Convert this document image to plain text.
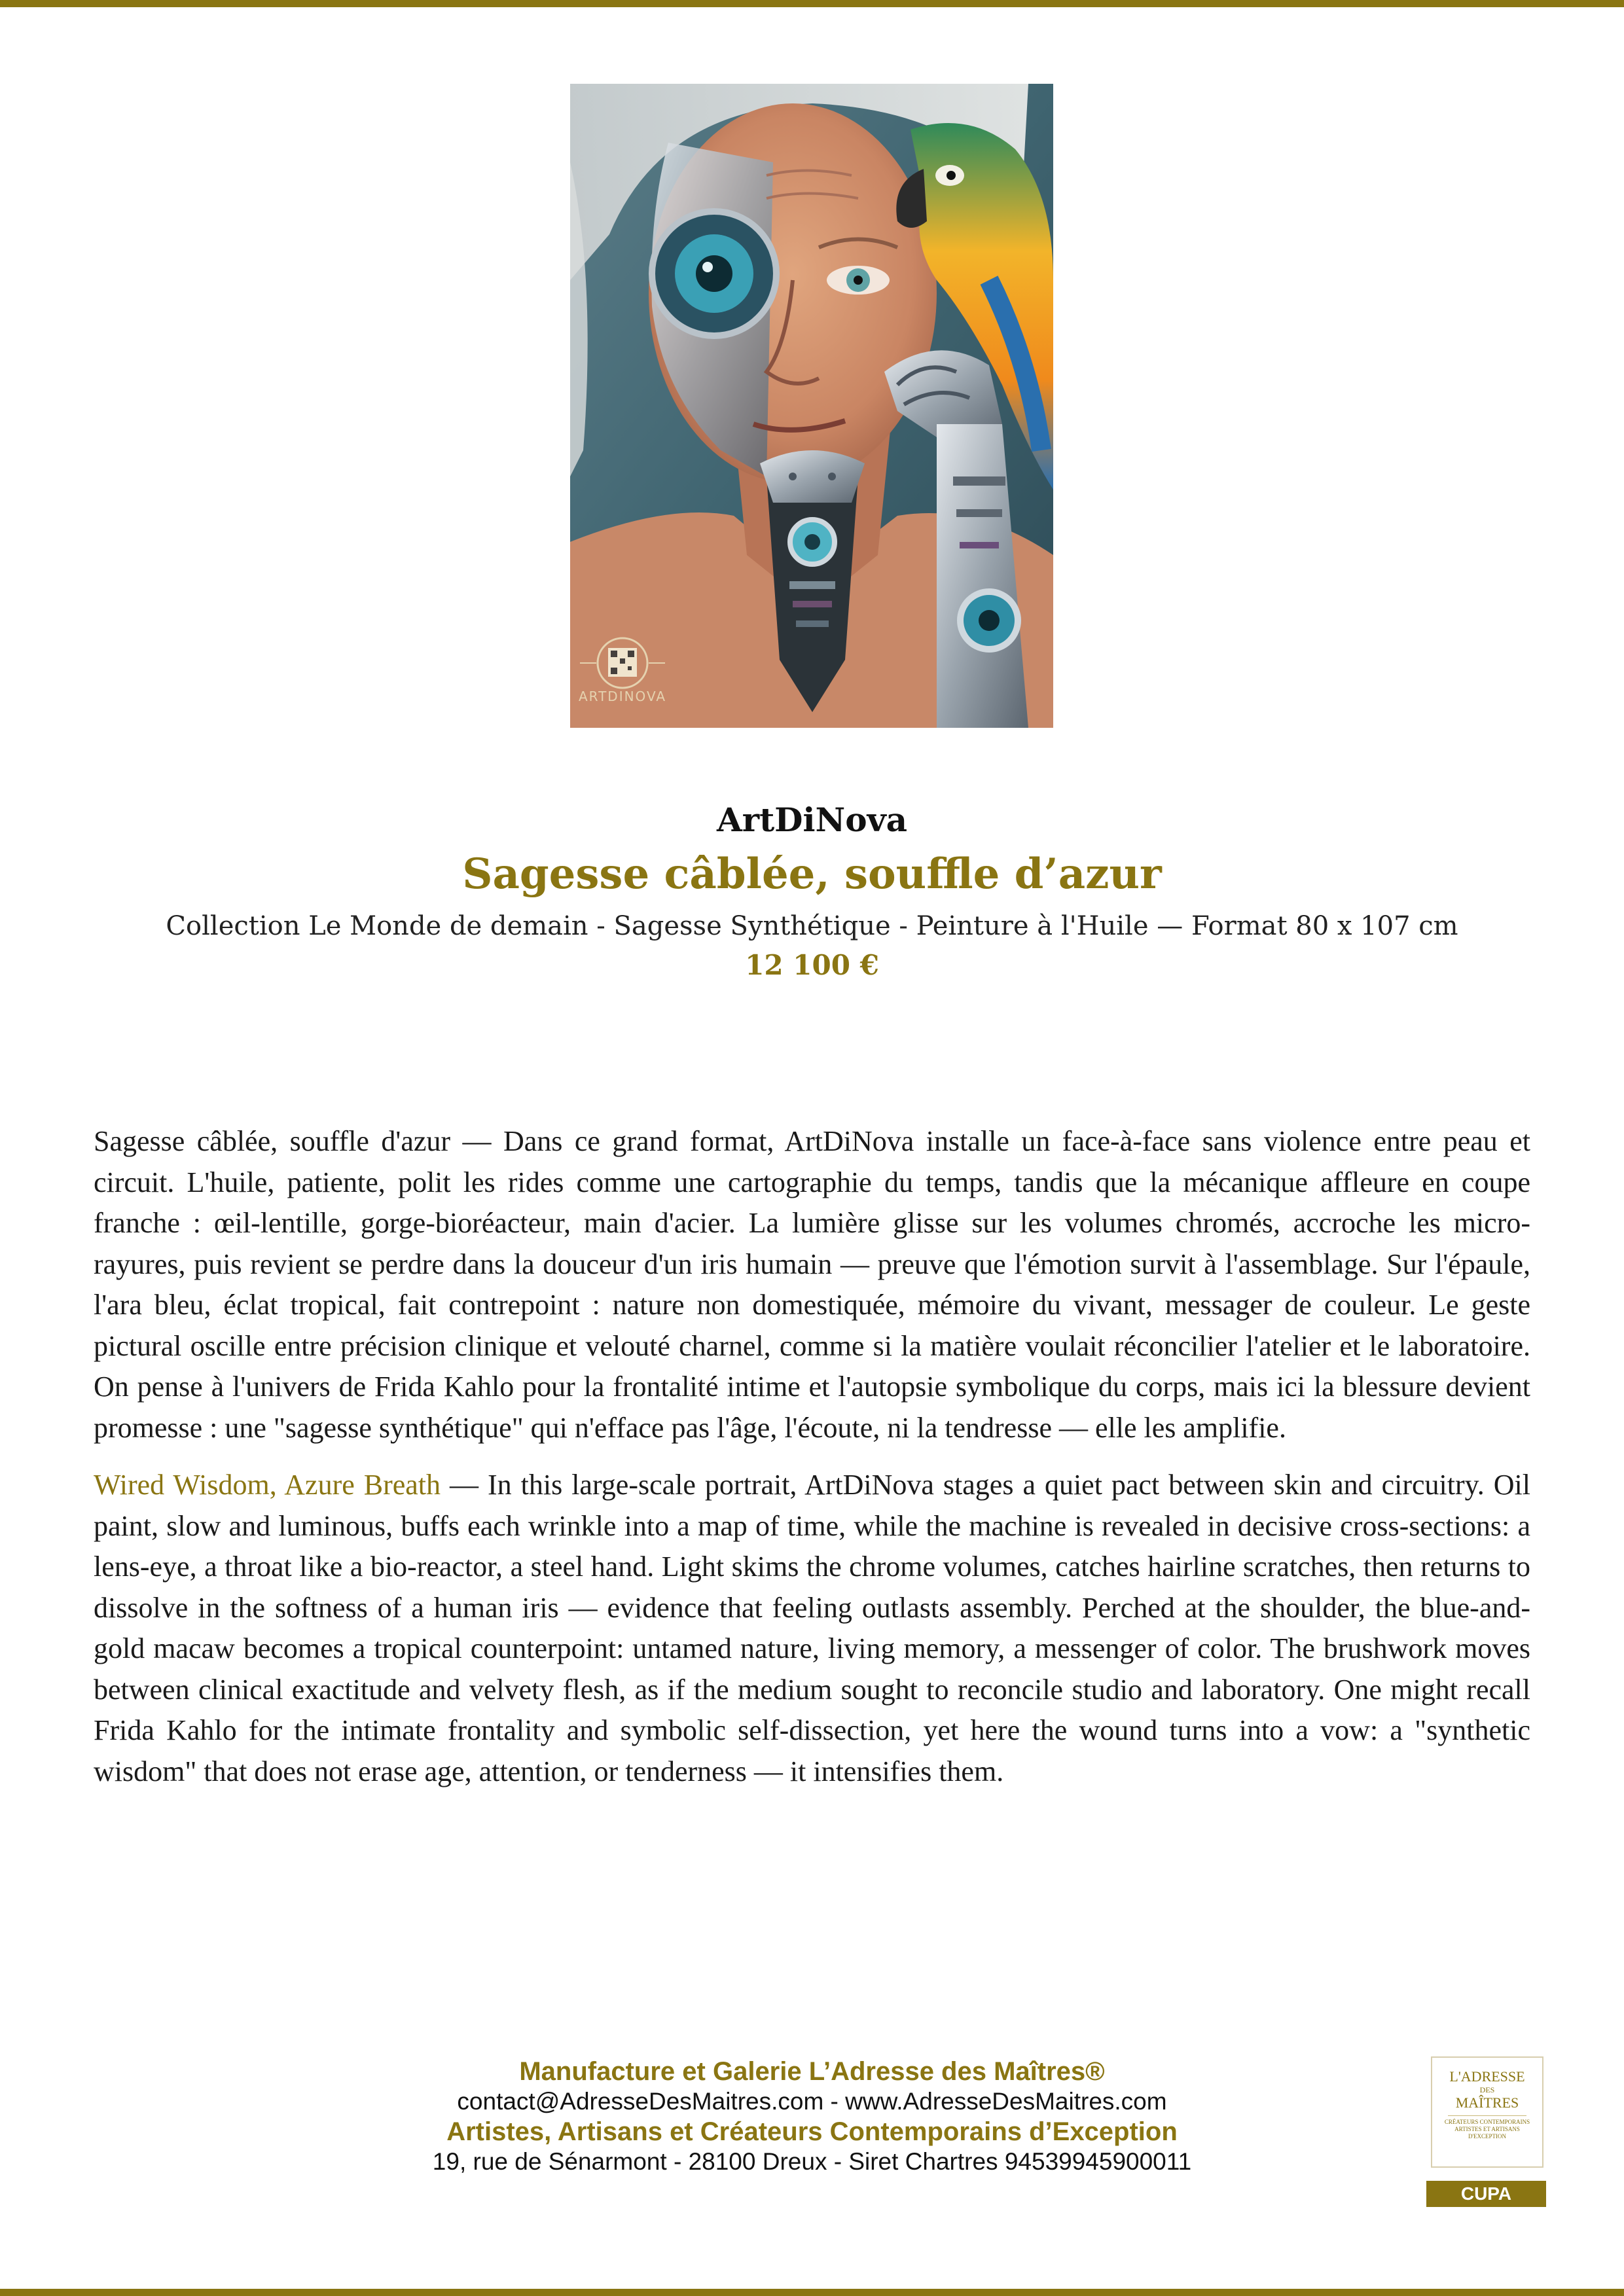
ARTDINOVA
ArtDiNova
Sagesse câblée, souffle d’azur
Collection Le Monde de demain - Sagesse Synthétique - Peinture à l'Huile — Format 80 x 107 cm
12 100 €

Sagesse câblée, souffle d'azur — Dans ce grand format, ArtDiNova installe un face-à-face sans violence entre peau et circuit. L'huile, patiente, polit les rides comme une cartographie du temps, tandis que la mécanique affleure en coupe franche : œil-lentille, gorge-bioréacteur, main d'acier. La lumière glisse sur les volumes chromés, accroche les micro-rayures, puis revient se perdre dans la douceur d'un iris humain — preuve que l'émotion survit à l'assemblage. Sur l'épaule, l'ara bleu, éclat tropical, fait contrepoint : nature non domestiquée, mémoire du vivant, messager de couleur. Le geste pictural oscille entre précision clinique et velouté charnel, comme si la matière voulait réconcilier l'atelier et le laboratoire. On pense à l'univers de Frida Kahlo pour la frontalité intime et l'autopsie symbolique du corps, mais ici la blessure devient promesse : une "sagesse synthétique" qui n'efface pas l'âge, l'écoute, ni la tendresse — elle les amplifie.

Wired Wisdom, Azure Breath — In this large-scale portrait, ArtDiNova stages a quiet pact between skin and circuitry. Oil paint, slow and luminous, buffs each wrinkle into a map of time, while the machine is revealed in decisive cross-sections: a lens-eye, a throat like a bio-reactor, a steel hand. Light skims the chrome volumes, catches hairline scratches, then returns to dissolve in the softness of a human iris — evidence that feeling outlasts assembly. Perched at the shoulder, the blue-and-gold macaw becomes a tropical counterpoint: untamed nature, living memory, a messenger of color. The brushwork moves between clinical exactitude and velvety flesh, as if the medium sought to reconcile studio and laboratory. One might recall Frida Kahlo for the intimate frontality and symbolic self-dissection, yet here the wound turns into a vow: a "synthetic wisdom" that does not erase age, attention, or tenderness — it intensifies them.

Manufacture et Galerie L’Adresse des Maîtres®
contact@AdresseDesMaitres.com - www.AdresseDesMaitres.com
Artistes, Artisans et Créateurs Contemporains d’Exception
19, rue de Sénarmont - 28100 Dreux - Siret Chartres 94539945900011
L'ADRESSE
DES
MAÎTRES
CRÉATEURS CONTEMPORAINS ARTISTES ET ARTISANS D'EXCEPTION
CUPA
